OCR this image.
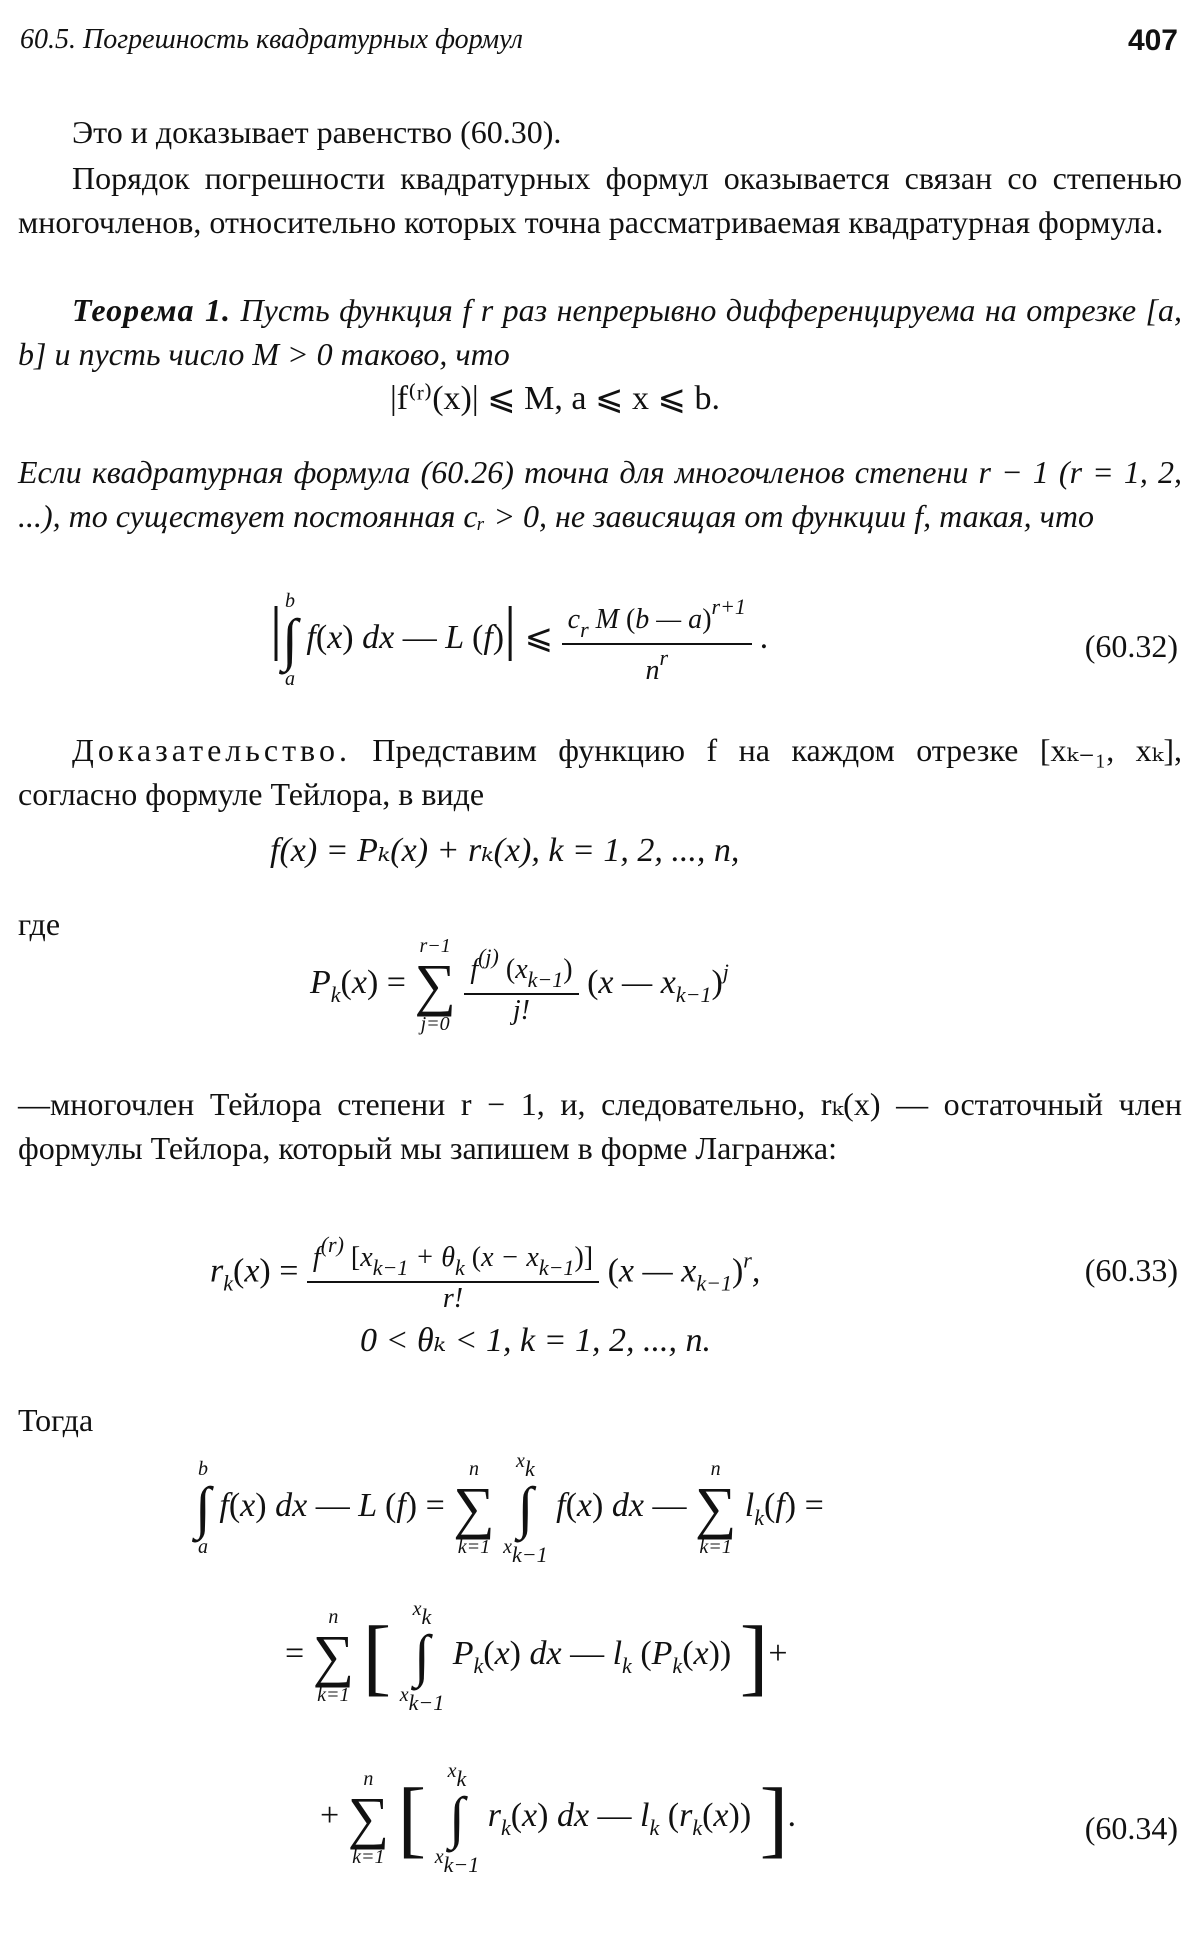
60.5. Погрешность квадратурных формул	407
Это и доказывает равенство (60.30).
Порядок погрешности квадратурных формул оказывается связан со степенью многочленов, относительно которых точна рассматриваемая квадратурная формула.
Теорема 1. Пусть функция f r раз непрерывно дифференцируема на отрезке [a, b] и пусть число M > 0 таково, что
|f⁽ʳ⁾(x)| ⩽ M, a ⩽ x ⩽ b.
Если квадратурная формула (60.26) точна для многочленов степени r − 1 (r = 1, 2, ...), то существует постоянная cᵣ > 0, не зависящая от функции f, такая, что
| b
∫
a
f(x) dx — L (f)| ⩽ $\frac{c_r M (b — a)^{r+1}}{n^r}$ .	(60.32)
Доказательство. Представим функцию f на каждом отрезке [xₖ₋₁, xₖ], согласно формуле Тейлора, в виде
f(x) = Pₖ(x) + rₖ(x), k = 1, 2, ..., n,
где
$P_k(x)$ =
r−1
∑
j=0
$\frac{f^{(j)} (x_{k-1})}{j!} (x$ — $x_{k-1})^j$
—многочлен Тейлора степени r − 1, и, следовательно, rₖ(x) — остаточный член формулы Тейлора, который мы запишем в форме Лагранжа:
$r_k(x) = \frac{f^{(r)} [x_{k-1} + \theta_k (x - x_{k-1})]}{r!} (x$ — $x_{k-1})^r$,	(60.33)
0 < θₖ < 1, k = 1, 2, ..., n.
Тогда
b
∫
a
f(x) dx — L (f) =
n
∑
k=1

xk
∫
xk−1
f(x) dx —
n
∑
k=1
$l_k(f)$ =
=
n
∑
k=1 [	xk
∫
xk−1
$P_k(x)$ dx — $l_k$ $(P_k(x))$ ]+
+
n
∑
k=1 [	xk
∫
xk−1
$r_k(x)$ dx — $l_k$ $(r_k(x))$ ].	(60.34)
